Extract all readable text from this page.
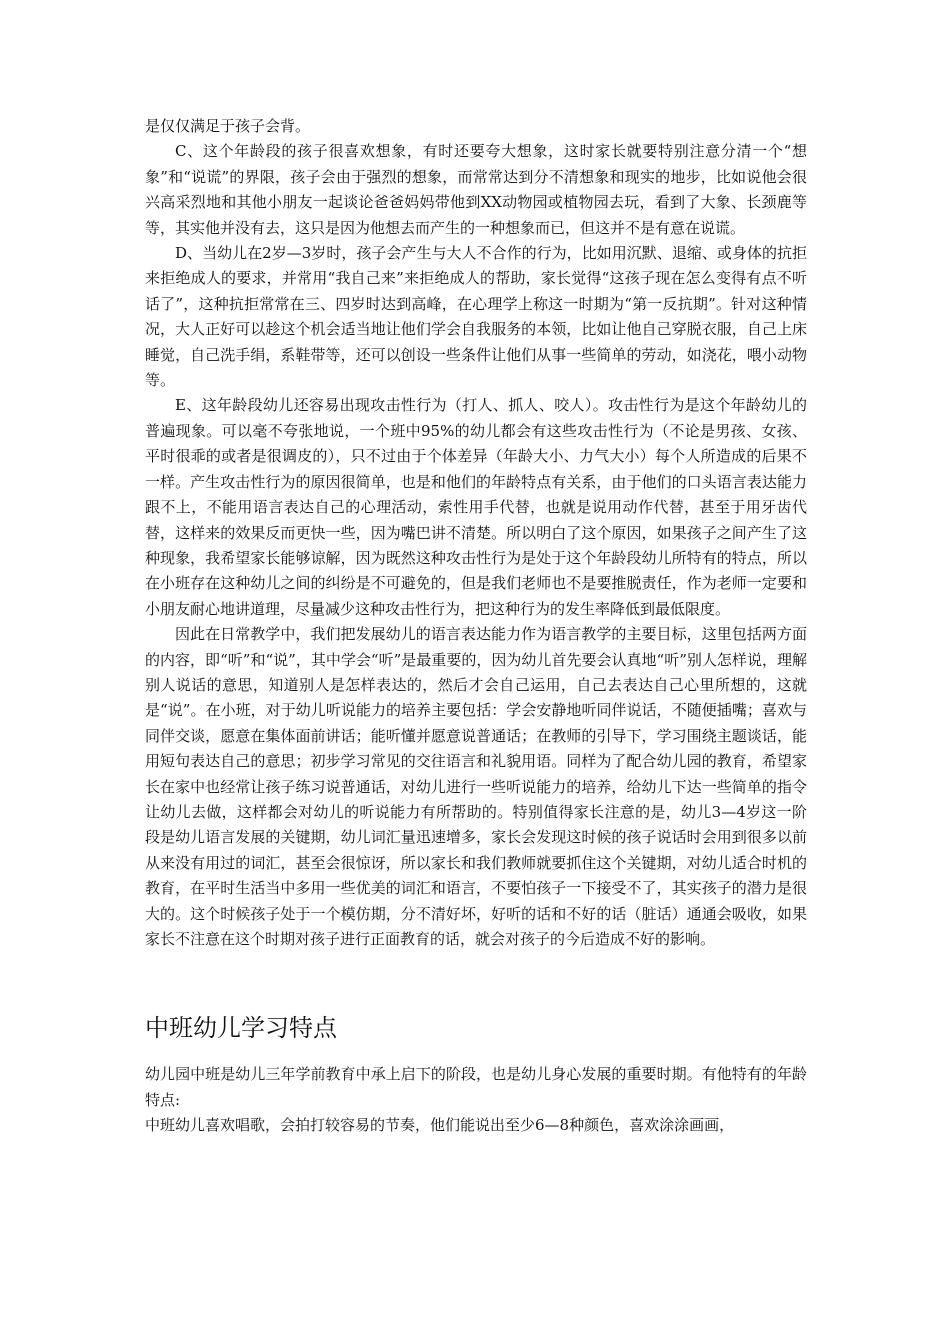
是仅仅满足于孩子会背。

C、这个年龄段的孩子很喜欢想象，有时还要夸大想象，这时家长就要特别注意分清一个“想象”和“说谎”的界限，孩子会由于强烈的想象，而常常达到分不清想象和现实的地步，比如说他会很兴高采烈地和其他小朋友一起谈论爸爸妈妈带他到XX动物园或植物园去玩，看到了大象、长颈鹿等等，其实他并没有去，这只是因为他想去而产生的一种想象而已，但这并不是有意在说谎。

D、当幼儿在2岁—3岁时，孩子会产生与大人不合作的行为，比如用沉默、退缩、或身体的抗拒来拒绝成人的要求，并常用“我自己来”来拒绝成人的帮助，家长觉得“这孩子现在怎么变得有点不听话了”，这种抗拒常常在三、四岁时达到高峰，在心理学上称这一时期为“第一反抗期”。针对这种情况，大人正好可以趁这个机会适当地让他们学会自我服务的本领，比如让他自己穿脱衣服，自己上床睡觉，自己洗手绢，系鞋带等，还可以创设一些条件让他们从事一些简单的劳动，如浇花，喂小动物等。

E、这年龄段幼儿还容易出现攻击性行为（打人、抓人、咬人）。攻击性行为是这个年龄幼儿的普遍现象。可以毫不夸张地说，一个班中95%的幼儿都会有这些攻击性行为（不论是男孩、女孩、平时很乖的或者是很调皮的），只不过由于个体差异（年龄大小、力气大小）每个人所造成的后果不一样。产生攻击性行为的原因很简单，也是和他们的年龄特点有关系，由于他们的口头语言表达能力跟不上，不能用语言表达自己的心理活动，索性用手代替，也就是说用动作代替，甚至于用牙齿代替，这样来的效果反而更快一些，因为嘴巴讲不清楚。所以明白了这个原因，如果孩子之间产生了这种现象，我希望家长能够谅解，因为既然这种攻击性行为是处于这个年龄段幼儿所特有的特点，所以在小班存在这种幼儿之间的纠纷是不可避免的，但是我们老师也不是要推脱责任，作为老师一定要和小朋友耐心地讲道理，尽量减少这种攻击性行为，把这种行为的发生率降低到最低限度。

因此在日常教学中，我们把发展幼儿的语言表达能力作为语言教学的主要目标，这里包括两方面的内容，即“听”和“说”，其中学会“听”是最重要的，因为幼儿首先要会认真地“听”别人怎样说，理解别人说话的意思，知道别人是怎样表达的，然后才会自己运用，自己去表达自己心里所想的，这就是“说”。在小班，对于幼儿听说能力的培养主要包括：学会安静地听同伴说话，不随便插嘴；喜欢与同伴交谈，愿意在集体面前讲话；能听懂并愿意说普通话；在教师的引导下，学习围绕主题谈话，能用短句表达自己的意思；初步学习常见的交往语言和礼貌用语。同样为了配合幼儿园的教育，希望家长在家中也经常让孩子练习说普通话，对幼儿进行一些听说能力的培养，给幼儿下达一些简单的指令让幼儿去做，这样都会对幼儿的听说能力有所帮助的。特别值得家长注意的是，幼儿3—4岁这一阶段是幼儿语言发展的关键期，幼儿词汇量迅速增多，家长会发现这时候的孩子说话时会用到很多以前从来没有用过的词汇，甚至会很惊讶，所以家长和我们教师就要抓住这个关键期，对幼儿适合时机的教育，在平时生活当中多用一些优美的词汇和语言，不要怕孩子一下接受不了，其实孩子的潜力是很大的。这个时候孩子处于一个模仿期，分不清好坏，好听的话和不好的话（脏话）通通会吸收，如果家长不注意在这个时期对孩子进行正面教育的话，就会对孩子的今后造成不好的影响。

中班幼儿学习特点

幼儿园中班是幼儿三年学前教育中承上启下的阶段，也是幼儿身心发展的重要时期。有他特有的年龄特点:

中班幼儿喜欢唱歌，会拍打较容易的节奏，他们能说出至少6—8种颜色，喜欢涂涂画画，
